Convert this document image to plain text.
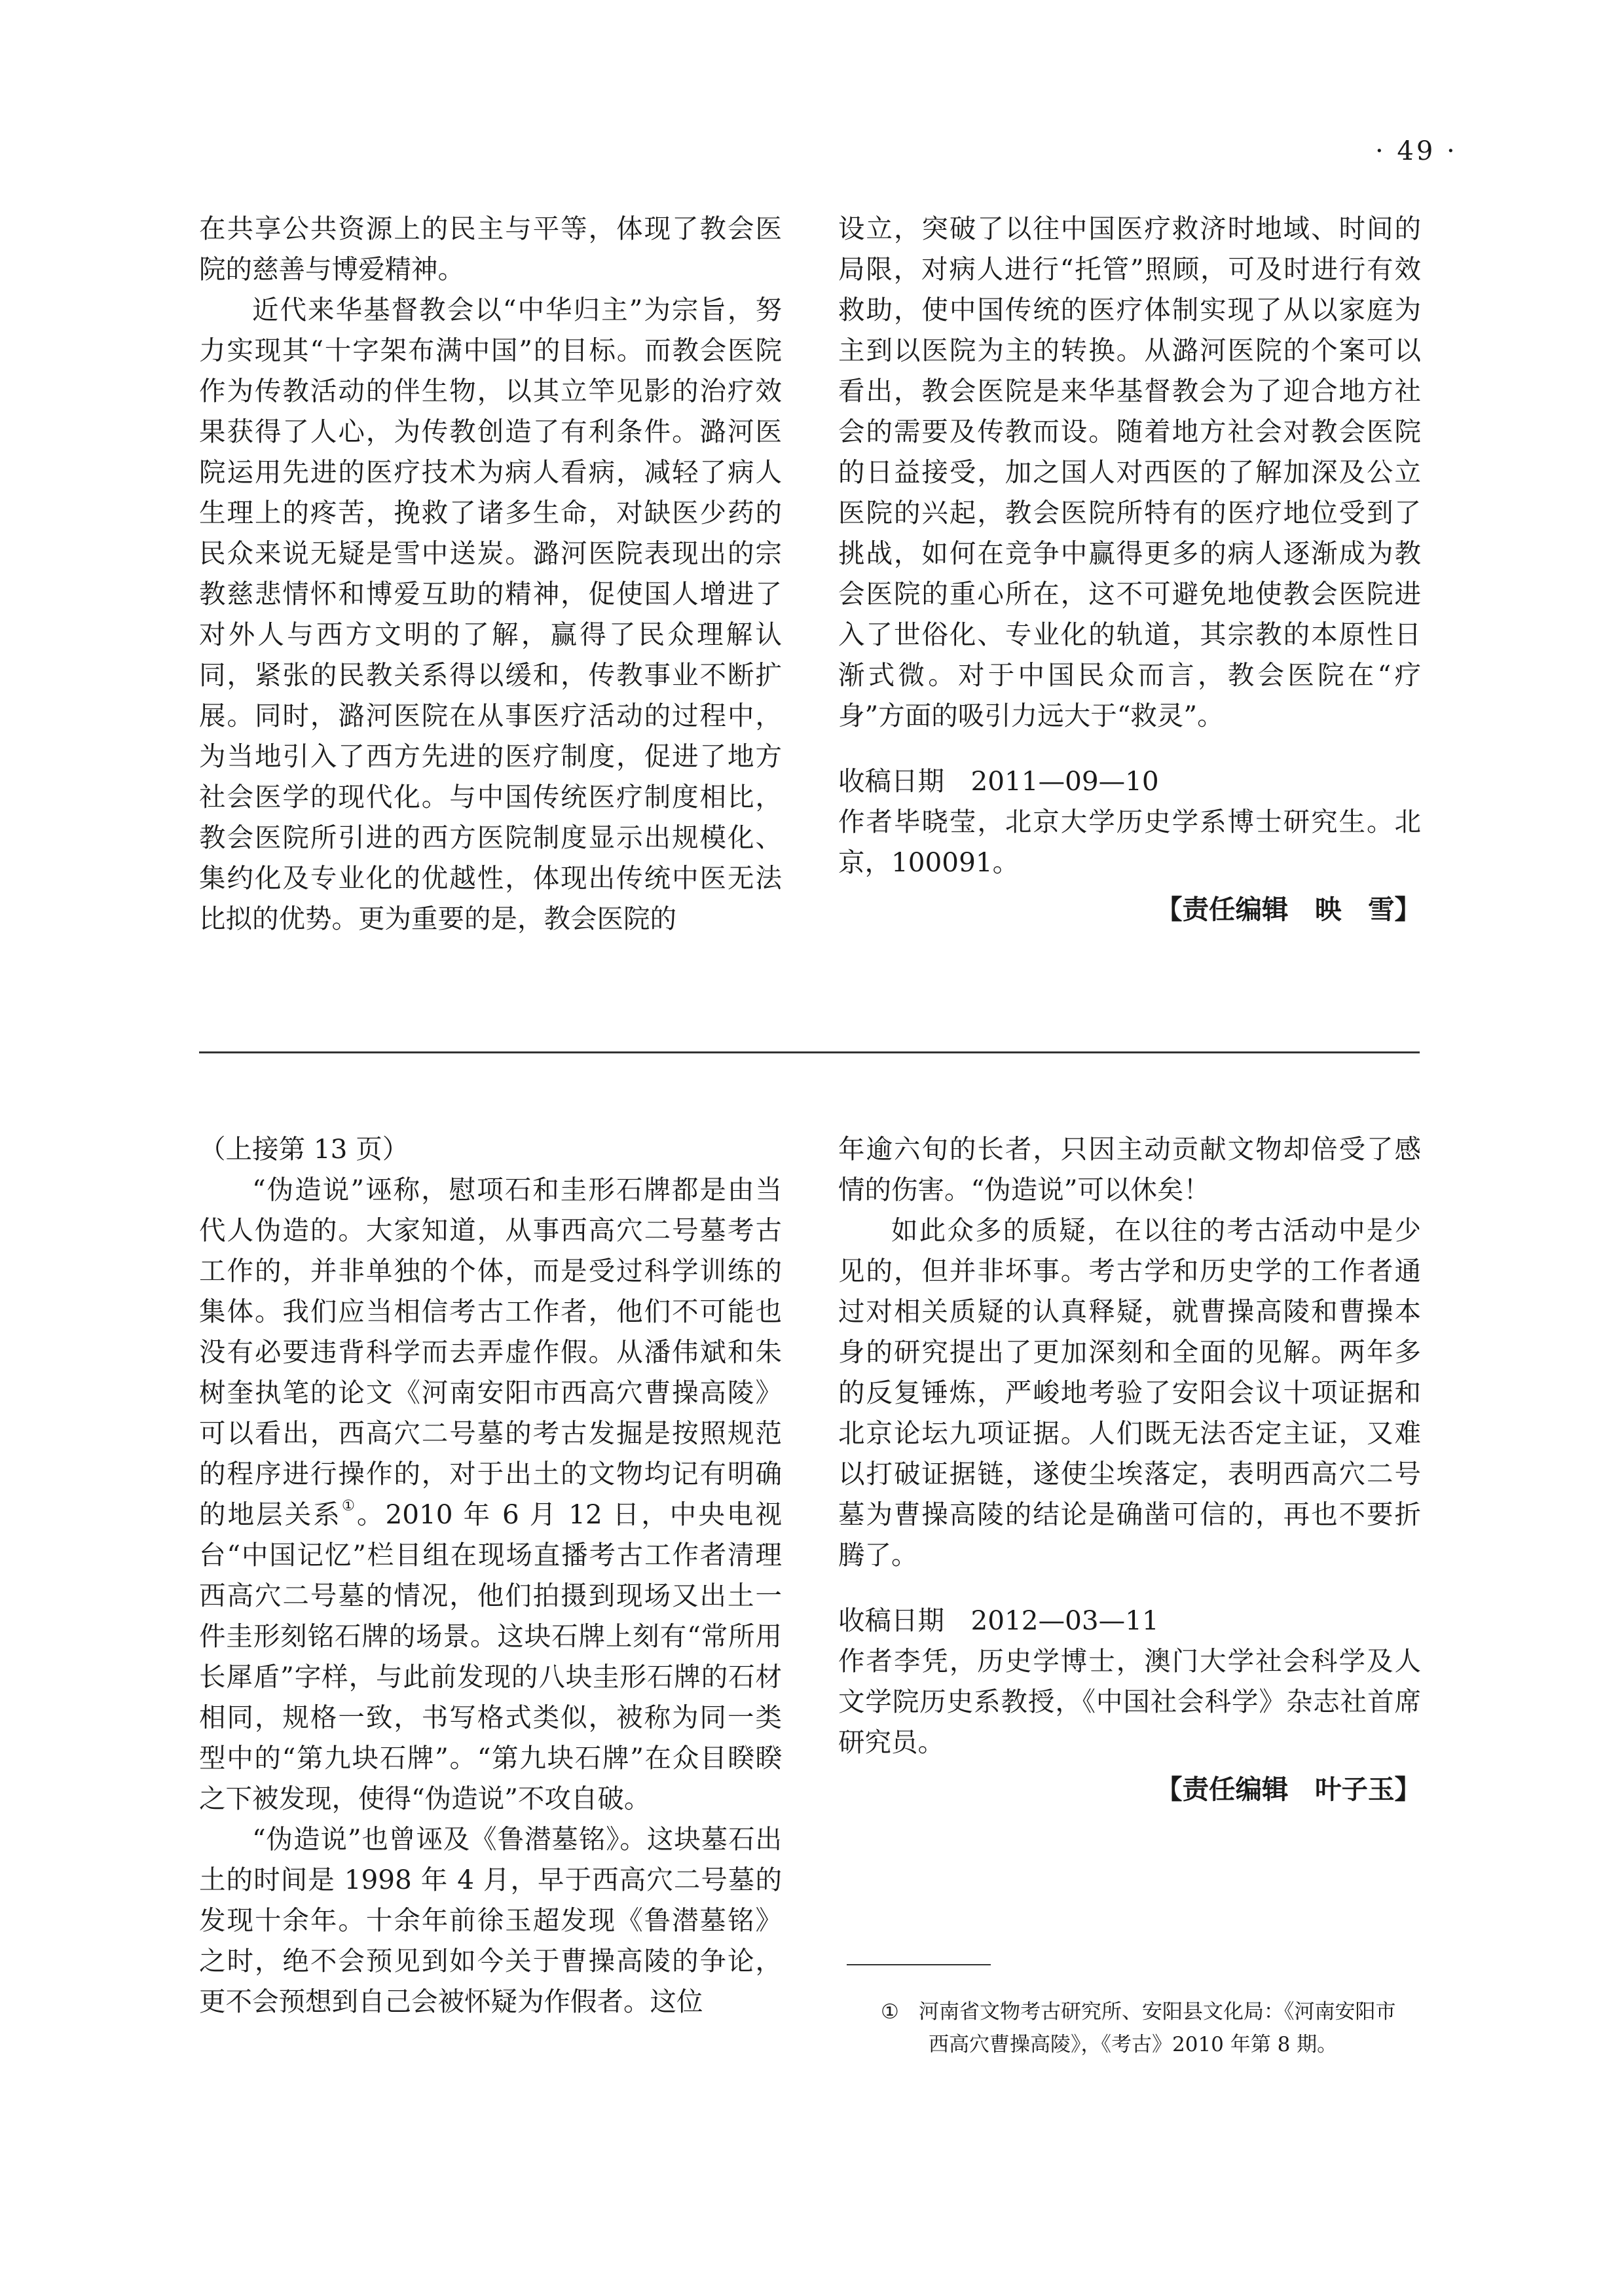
· 49 ·

在共享公共资源上的民主与平等，体现了教会医院的慈善与博爱精神。

近代来华基督教会以“中华归主”为宗旨，努力实现其“十字架布满中国”的目标。而教会医院作为传教活动的伴生物，以其立竿见影的治疗效果获得了人心，为传教创造了有利条件。潞河医院运用先进的医疗技术为病人看病，减轻了病人生理上的疼苦，挽救了诸多生命，对缺医少药的民众来说无疑是雪中送炭。潞河医院表现出的宗教慈悲情怀和博爱互助的精神，促使国人增进了对外人与西方文明的了解，赢得了民众理解认同，紧张的民教关系得以缓和，传教事业不断扩展。同时，潞河医院在从事医疗活动的过程中，为当地引入了西方先进的医疗制度，促进了地方社会医学的现代化。与中国传统医疗制度相比，教会医院所引进的西方医院制度显示出规模化、集约化及专业化的优越性，体现出传统中医无法比拟的优势。更为重要的是，教会医院的

设立，突破了以往中国医疗救济时地域、时间的局限，对病人进行“托管”照顾，可及时进行有效救助，使中国传统的医疗体制实现了从以家庭为主到以医院为主的转换。从潞河医院的个案可以看出，教会医院是来华基督教会为了迎合地方社会的需要及传教而设。随着地方社会对教会医院的日益接受，加之国人对西医的了解加深及公立医院的兴起，教会医院所特有的医疗地位受到了挑战，如何在竞争中赢得更多的病人逐渐成为教会医院的重心所在，这不可避免地使教会医院进入了世俗化、专业化的轨道，其宗教的本原性日渐式微。对于中国民众而言，教会医院在“疗身”方面的吸引力远大于“救灵”。

收稿日期　2011—09—10

作者毕晓莹，北京大学历史学系博士研究生。北京，100091。

【责任编辑　映　雪】

（上接第 13 页）

“伪造说”诬称，慰项石和圭形石牌都是由当代人伪造的。大家知道，从事西高穴二号墓考古工作的，并非单独的个体，而是受过科学训练的集体。我们应当相信考古工作者，他们不可能也没有必要违背科学而去弄虚作假。从潘伟斌和朱树奎执笔的论文《河南安阳市西高穴曹操高陵》可以看出，西高穴二号墓的考古发掘是按照规范的程序进行操作的，对于出土的文物均记有明确的地层关系①。2010 年 6 月 12 日，中央电视台“中国记忆”栏目组在现场直播考古工作者清理西高穴二号墓的情况，他们拍摄到现场又出土一件圭形刻铭石牌的场景。这块石牌上刻有“常所用长犀盾”字样，与此前发现的八块圭形石牌的石材相同，规格一致，书写格式类似，被称为同一类型中的“第九块石牌”。“第九块石牌”在众目睽睽之下被发现，使得“伪造说”不攻自破。

“伪造说”也曾诬及《鲁潜墓铭》。这块墓石出土的时间是 1998 年 4 月，早于西高穴二号墓的发现十余年。十余年前徐玉超发现《鲁潜墓铭》之时，绝不会预见到如今关于曹操高陵的争论，更不会预想到自己会被怀疑为作假者。这位

年逾六旬的长者，只因主动贡献文物却倍受了感情的伤害。“伪造说”可以休矣！

如此众多的质疑，在以往的考古活动中是少见的，但并非坏事。考古学和历史学的工作者通过对相关质疑的认真释疑，就曹操高陵和曹操本身的研究提出了更加深刻和全面的见解。两年多的反复锤炼，严峻地考验了安阳会议十项证据和北京论坛九项证据。人们既无法否定主证，又难以打破证据链，遂使尘埃落定，表明西高穴二号墓为曹操高陵的结论是确凿可信的，再也不要折腾了。

收稿日期　2012—03—11

作者李凭，历史学博士，澳门大学社会科学及人文学院历史系教授，《中国社会科学》杂志社首席研究员。

【责任编辑　叶子玉】

① 河南省文物考古研究所、安阳县文化局：《河南安阳市
西高穴曹操高陵》，《考古》2010 年第 8 期。
